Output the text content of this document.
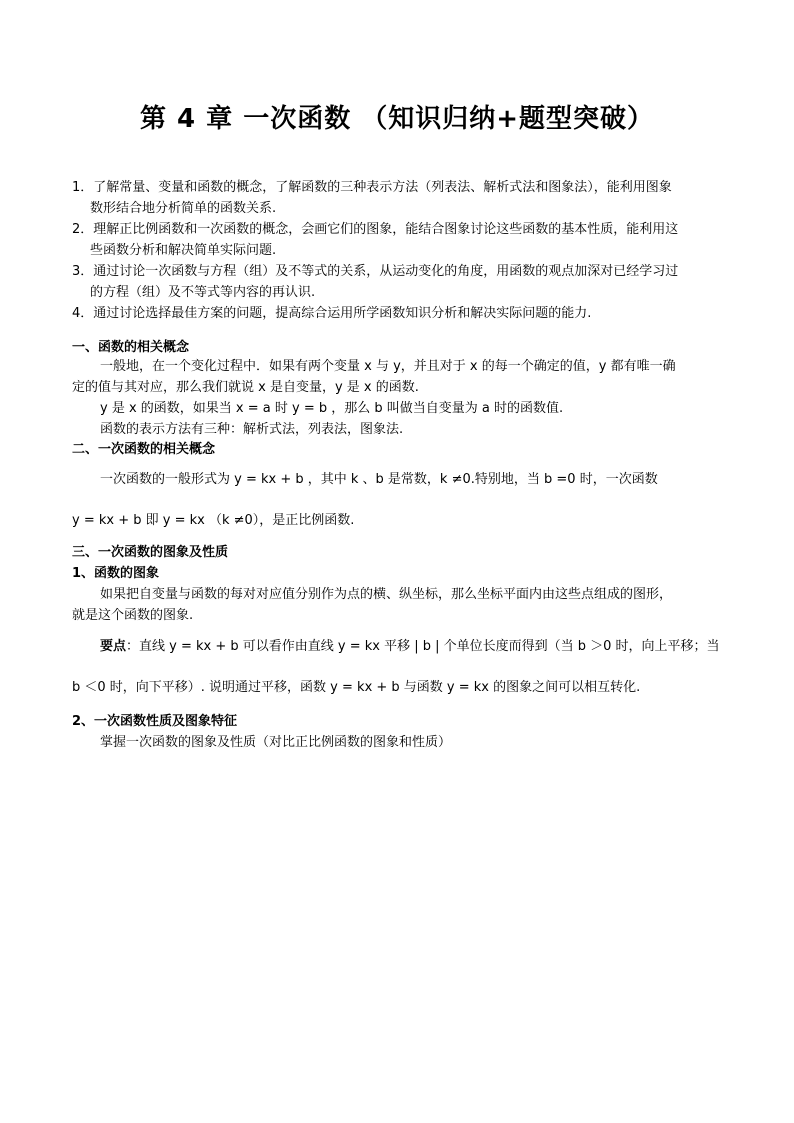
第 4 章 一次函数 （知识归纳+题型突破）
1．了解常量、变量和函数的概念，了解函数的三种表示方法（列表法、解析式法和图象法），能利用图象
数形结合地分析简单的函数关系.
2．理解正比例函数和一次函数的概念，会画它们的图象，能结合图象讨论这些函数的基本性质，能利用这
些函数分析和解决简单实际问题.
3．通过讨论一次函数与方程（组）及不等式的关系，从运动变化的角度，用函数的观点加深对已经学习过
的方程（组）及不等式等内容的再认识.
4．通过讨论选择最佳方案的问题，提高综合运用所学函数知识分析和解决实际问题的能力.
一、函数的相关概念
一般地，在一个变化过程中．如果有两个变量 x 与 y，并且对于 x 的每一个确定的值，y 都有唯一确
定的值与其对应，那么我们就说 x 是自变量，y 是 x 的函数.
y 是 x 的函数，如果当 x = a 时 y = b ，那么 b 叫做当自变量为 a 时的函数值.
函数的表示方法有三种：解析式法，列表法，图象法.
二、一次函数的相关概念
一次函数的一般形式为 y = kx + b ，其中 k 、b 是常数，k ≠0.特别地，当 b =0 时，一次函数
y = kx + b 即 y = kx （k ≠0），是正比例函数.
三、一次函数的图象及性质
1、函数的图象
如果把自变量与函数的每对对应值分别作为点的横、纵坐标，那么坐标平面内由这些点组成的图形，
就是这个函数的图象.
要点：直线 y = kx + b 可以看作由直线 y = kx 平移 | b | 个单位长度而得到（当 b ＞0 时，向上平移；当
b ＜0 时，向下平移）. 说明通过平移，函数 y = kx + b 与函数 y = kx 的图象之间可以相互转化.
2、一次函数性质及图象特征
掌握一次函数的图象及性质（对比正比例函数的图象和性质）
